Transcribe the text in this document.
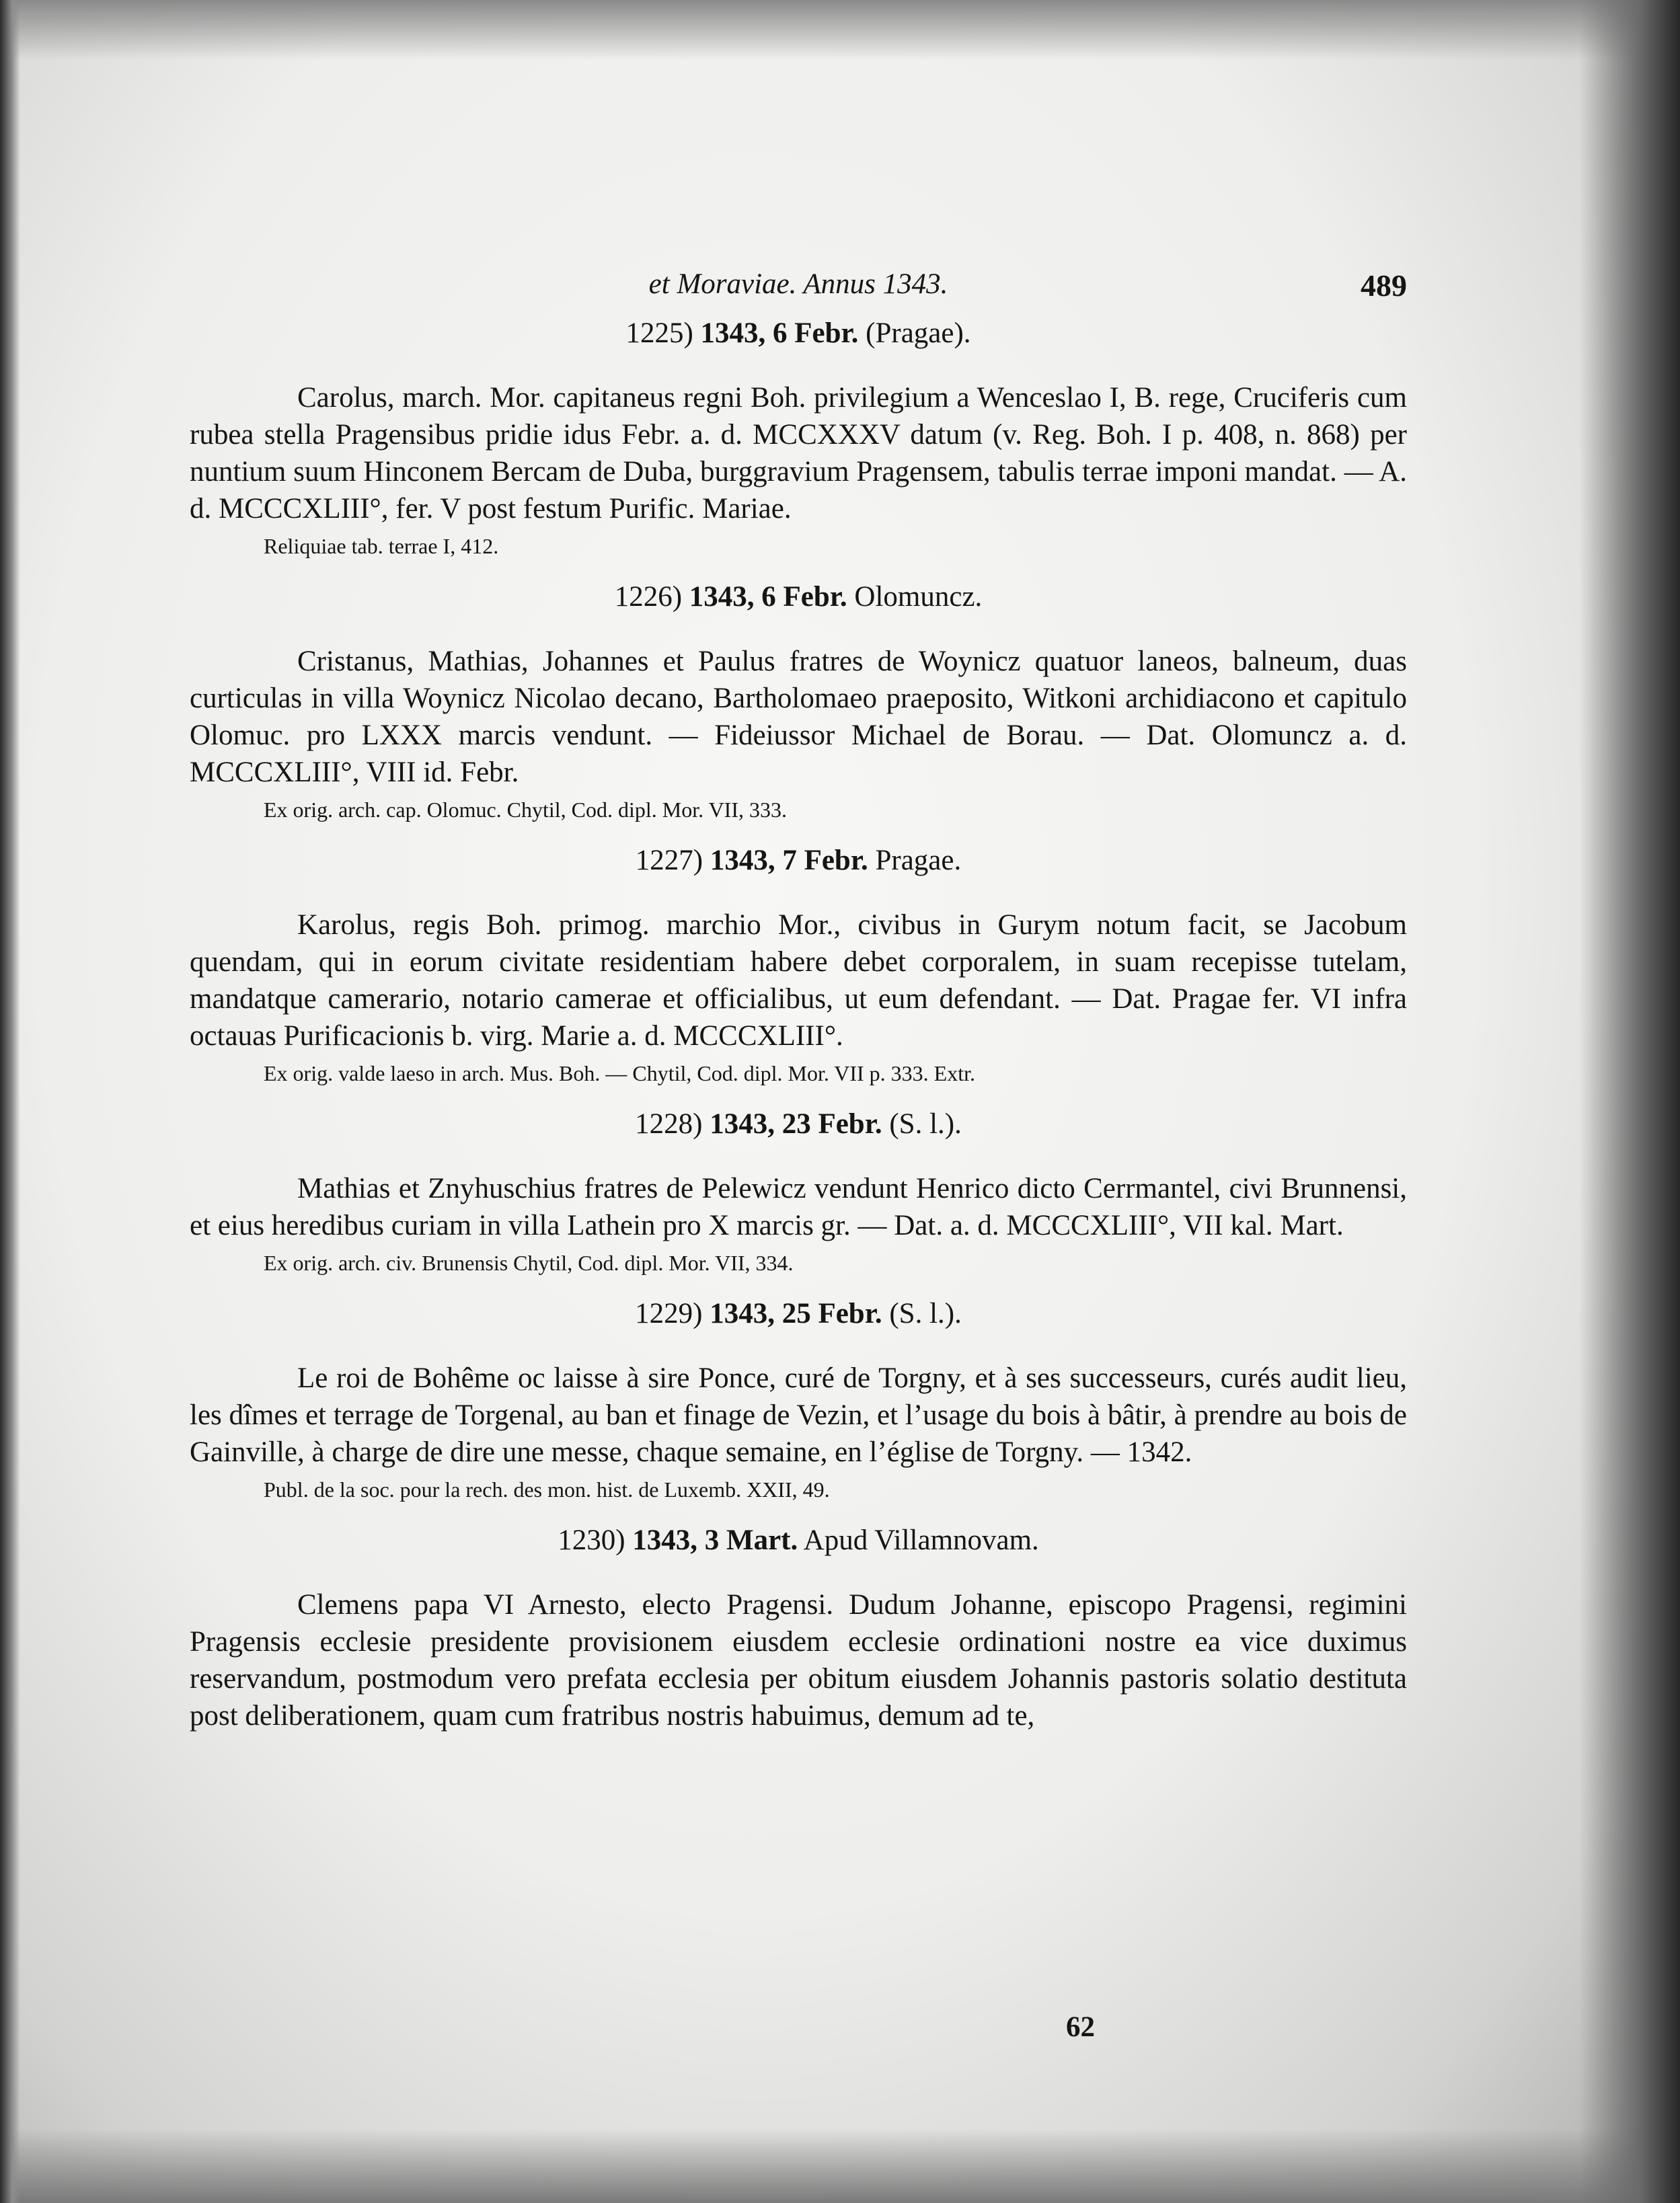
et Moraviae. Annus 1343.	489

1225) 1343, 6 Febr. (Pragae).

Carolus, march. Mor. capitaneus regni Boh. privilegium a Wenceslao I, B. rege, Cruciferis cum rubea stella Pragensibus pridie idus Febr. a. d. MCCXXXV datum (v. Reg. Boh. I p. 408, n. 868) per nuntium suum Hinconem Bercam de Duba, burggravium Pragensem, tabulis terrae imponi mandat. — A. d. MCCCXLIII°, fer. V post festum Purific. Mariae.

Reliquiae tab. terrae I, 412.

1226) 1343, 6 Febr. Olomuncz.

Cristanus, Mathias, Johannes et Paulus fratres de Woynicz quatuor laneos, balneum, duas curticulas in villa Woynicz Nicolao decano, Bartholomaeo praeposito, Witkoni archidiacono et capitulo Olomuc. pro LXXX marcis vendunt. — Fideiussor Michael de Borau. — Dat. Olomuncz a. d. MCCCXLIII°, VIII id. Febr.

Ex orig. arch. cap. Olomuc. Chytil, Cod. dipl. Mor. VII, 333.

1227) 1343, 7 Febr. Pragae.

Karolus, regis Boh. primog. marchio Mor., civibus in Gurym notum facit, se Jacobum quendam, qui in eorum civitate residentiam habere debet corporalem, in suam recepisse tutelam, mandatque camerario, notario camerae et officialibus, ut eum defendant. — Dat. Pragae fer. VI infra octauas Purificacionis b. virg. Marie a. d. MCCCXLIII°.

Ex orig. valde laeso in arch. Mus. Boh. — Chytil, Cod. dipl. Mor. VII p. 333. Extr.

1228) 1343, 23 Febr. (S. l.).

Mathias et Znyhuschius fratres de Pelewicz vendunt Henrico dicto Cerrmantel, civi Brunnensi, et eius heredibus curiam in villa Lathein pro X marcis gr. — Dat. a. d. MCCCXLIII°, VII kal. Mart.

Ex orig. arch. civ. Brunensis Chytil, Cod. dipl. Mor. VII, 334.

1229) 1343, 25 Febr. (S. l.).

Le roi de Bohême oc laisse à sire Ponce, curé de Torgny, et à ses successeurs, curés audit lieu, les dîmes et terrage de Torgenal, au ban et finage de Vezin, et l’usage du bois à bâtir, à prendre au bois de Gainville, à charge de dire une messe, chaque semaine, en l’église de Torgny. — 1342.

Publ. de la soc. pour la rech. des mon. hist. de Luxemb. XXII, 49.

1230) 1343, 3 Mart. Apud Villamnovam.

Clemens papa VI Arnesto, electo Pragensi. Dudum Johanne, episcopo Pragensi, regimini Pragensis ecclesie presidente provisionem eiusdem ecclesie ordinationi nostre ea vice duximus reservandum, postmodum vero prefata ecclesia per obitum eiusdem Johannis pastoris solatio destituta post deliberationem, quam cum fratribus nostris habuimus, demum ad te,

62
